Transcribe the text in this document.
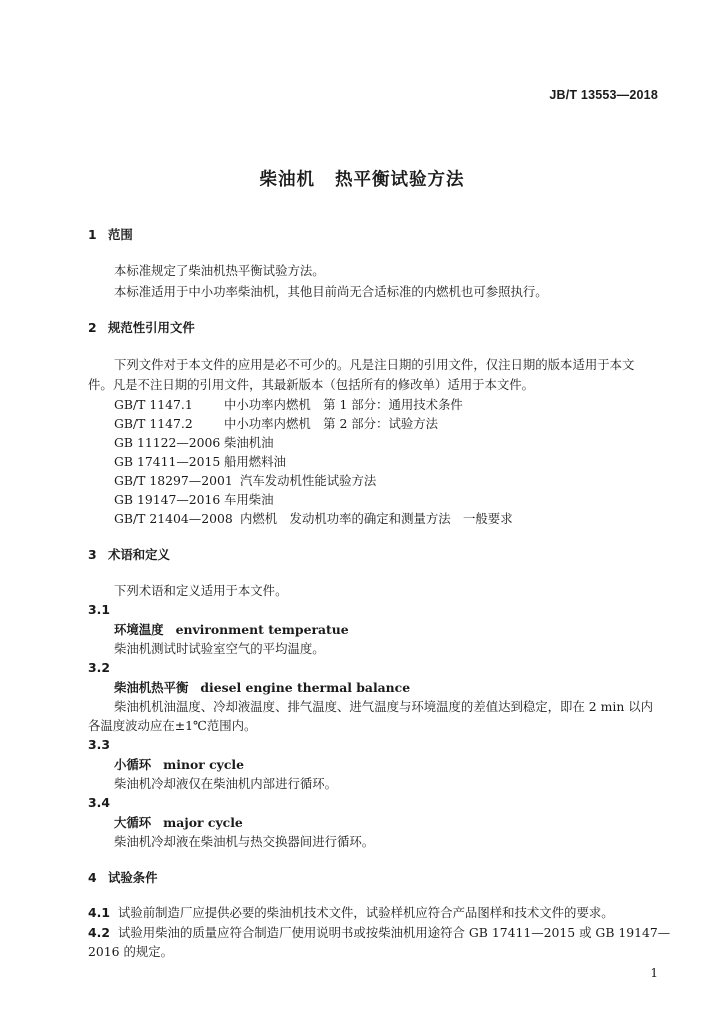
JB/T 13553—2018
柴油机 热平衡试验方法
1 范围
本标准规定了柴油机热平衡试验方法。
本标准适用于中小功率柴油机，其他目前尚无合适标准的内燃机也可参照执行。
2 规范性引用文件
下列文件对于本文件的应用是必不可少的。凡是注日期的引用文件，仅注日期的版本适用于本文
件。凡是不注日期的引用文件，其最新版本（包括所有的修改单）适用于本文件。
GB/T 1147.1	中小功率内燃机　第 1 部分：通用技术条件
GB/T 1147.2	中小功率内燃机　第 2 部分：试验方法
GB 11122—2006 柴油机油
GB 17411—2015 船用燃料油
GB/T 18297—2001 汽车发动机性能试验方法
GB 19147—2016 车用柴油
GB/T 21404—2008 内燃机　发动机功率的确定和测量方法　一般要求
3 术语和定义
下列术语和定义适用于本文件。
3.1
环境温度 environment temperatue
柴油机测试时试验室空气的平均温度。
3.2
柴油机热平衡 diesel engine thermal balance
柴油机机油温度、冷却液温度、排气温度、进气温度与环境温度的差值达到稳定，即在 2 min 以内
各温度波动应在±1℃范围内。
3.3
小循环 minor cycle
柴油机冷却液仅在柴油机内部进行循环。
3.4
大循环 major cycle
柴油机冷却液在柴油机与热交换器间进行循环。
4 试验条件
4.1 试验前制造厂应提供必要的柴油机技术文件，试验样机应符合产品图样和技术文件的要求。
4.2 试验用柴油的质量应符合制造厂使用说明书或按柴油机用途符合 GB 17411—2015 或 GB 19147—
2016 的规定。
1
